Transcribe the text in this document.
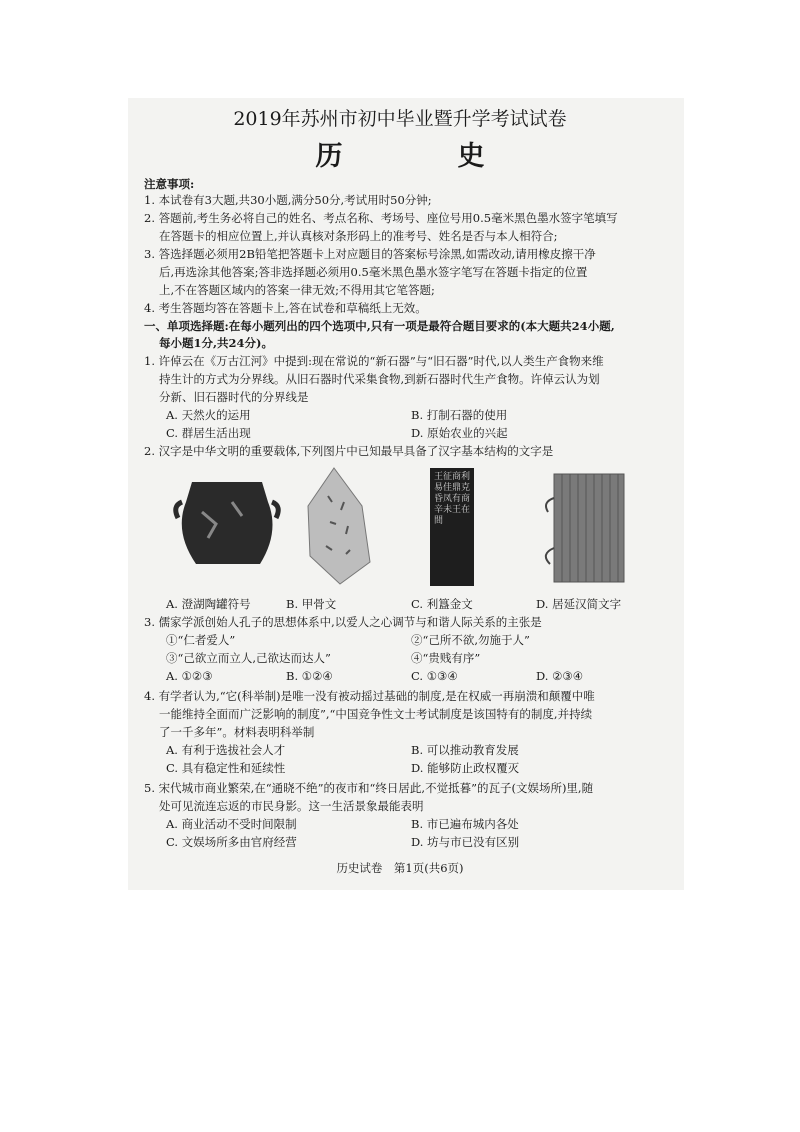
2019年苏州市初中毕业暨升学考试试卷
历　史
注意事项:
1. 本试卷有3大题,共30小题,满分50分,考试用时50分钟;
2. 答题前,考生务必将自己的姓名、考点名称、考场号、座位号用0.5毫米黑色墨水签字笔填写
在答题卡的相应位置上,并认真核对条形码上的准考号、姓名是否与本人相符合;
3. 答选择题必须用2B铅笔把答题卡上对应题目的答案标号涂黑,如需改动,请用橡皮擦干净
后,再选涂其他答案;答非选择题必须用0.5毫米黑色墨水签字笔写在答题卡指定的位置
上,不在答题区域内的答案一律无效;不得用其它笔答题;
4. 考生答题均答在答题卡上,答在试卷和草稿纸上无效。
一、单项选择题:在每小题列出的四个选项中,只有一项是最符合题目要求的(本大题共24小题,
每小题1分,共24分)。
1. 许倬云在《万古江河》中提到:现在常说的“新石器”与“旧石器”时代,以人类生产食物来维
持生计的方式为分界线。从旧石器时代采集食物,到新石器时代生产食物。许倬云认为划
分新、旧石器时代的分界线是
A. 天然火的运用	B. 打制石器的使用
C. 群居生活出现	D. 原始农业的兴起
2. 汉字是中华文明的重要载体,下列图片中已知最早具备了汉字基本结构的文字是
王征商利易佳鼎克昏凤有商辛未王在間
A. 澄湖陶罐符号	B. 甲骨文	C. 利簋金文	D. 居延汉简文字
3. 儒家学派创始人孔子的思想体系中,以爱人之心调节与和谐人际关系的主张是
①“仁者爱人”	②“己所不欲,勿施于人”
③“己欲立而立人,己欲达而达人”	④“贵贱有序”
A. ①②③	B. ①②④	C. ①③④	D. ②③④
4. 有学者认为,“它(科举制)是唯一没有被动摇过基础的制度,是在权威一再崩溃和颠覆中唯
一能维持全面而广泛影响的制度”,“中国竞争性文士考试制度是该国特有的制度,并持续
了一千多年”。材料表明科举制
A. 有利于选拔社会人才	B. 可以推动教育发展
C. 具有稳定性和延续性	D. 能够防止政权覆灭
5. 宋代城市商业繁荣,在“通晓不绝”的夜市和“终日居此,不觉抵暮”的瓦子(文娱场所)里,随
处可见流连忘返的市民身影。这一生活景象最能表明
A. 商业活动不受时间限制	B. 市已遍布城内各处
C. 文娱场所多由官府经营	D. 坊与市已没有区别
历史试卷　第1页(共6页)
